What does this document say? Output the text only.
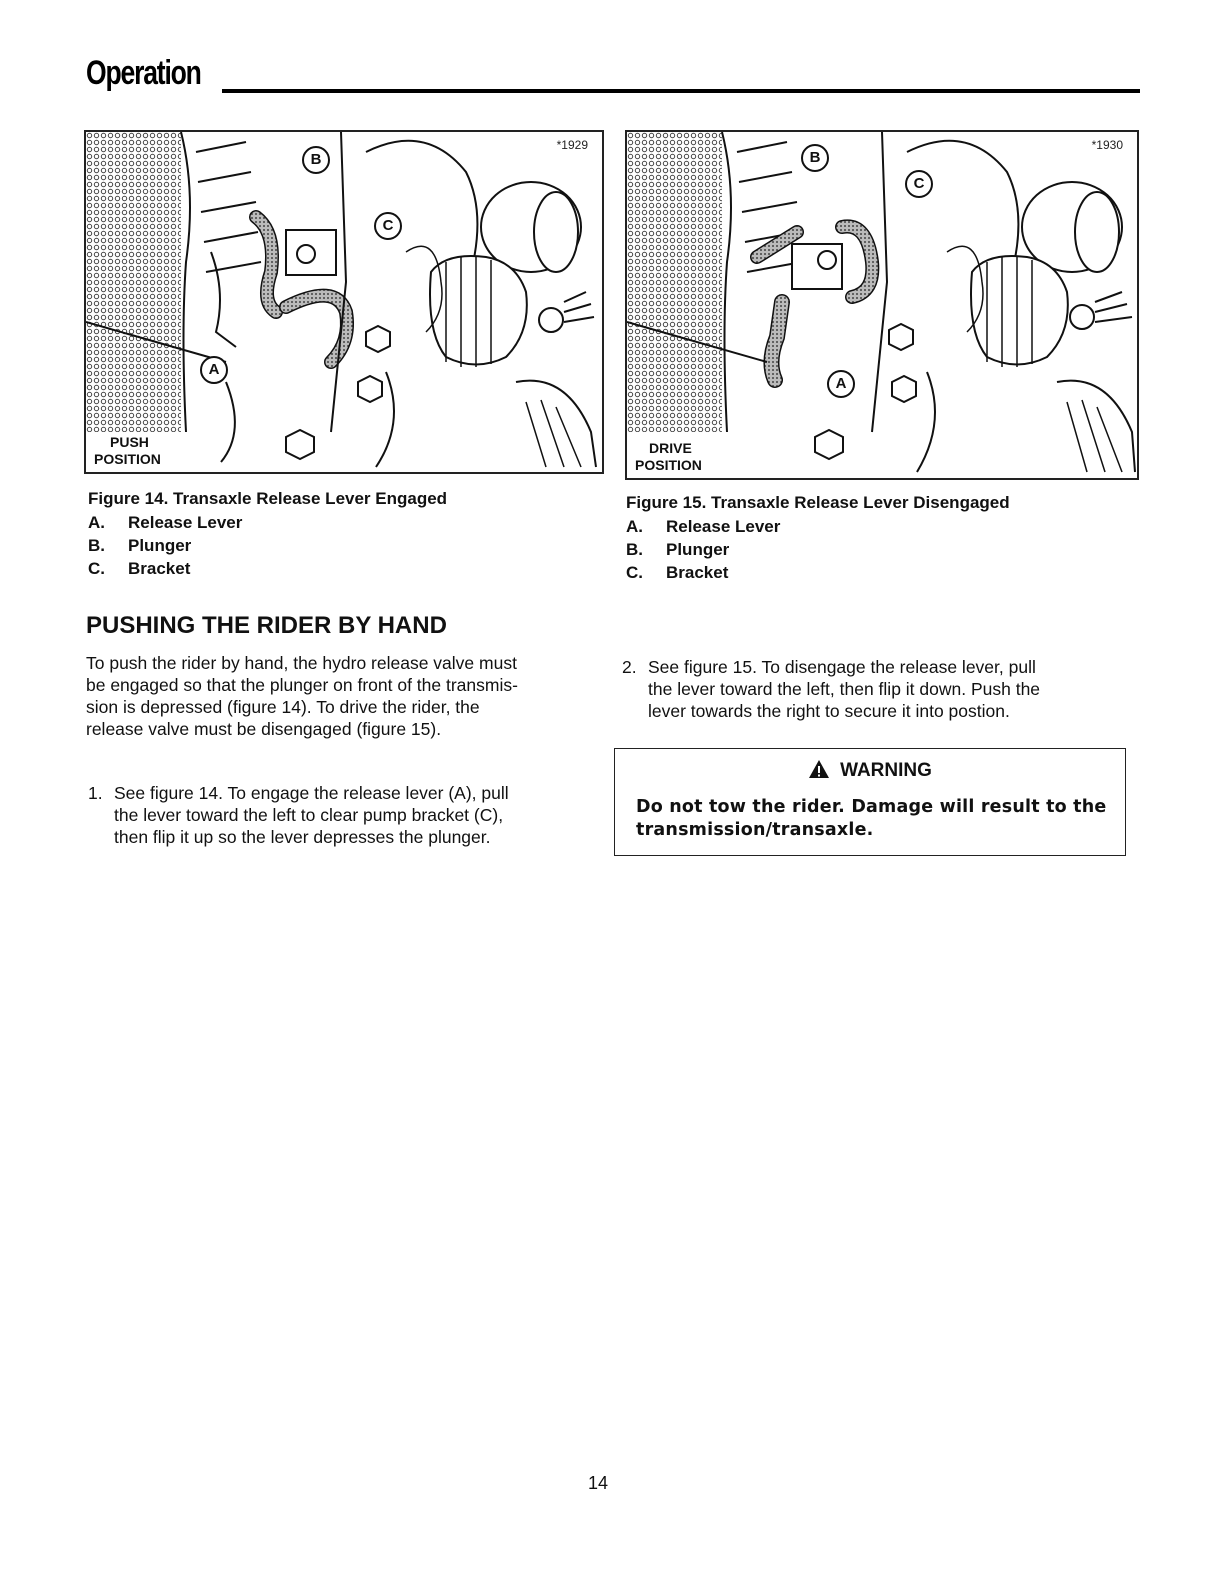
Operation
B
C
A
*1929
PUSH
POSITION
B
C
A
*1930
DRIVE
POSITION
Figure 14. Transaxle Release Lever Engaged
A.	Release Lever
B.	Plunger
C.	Bracket
Figure 15. Transaxle Release Lever Disengaged
A.	Release Lever
B.	Plunger
C.	Bracket
PUSHING THE RIDER BY HAND
To push the rider by hand, the hydro release valve must
be engaged so that the plunger on front of the transmis-
sion is depressed (figure 14). To drive the rider, the
release valve must be disengaged (figure 15).
1. See figure 14. To engage the release lever (A), pull
the lever toward the left to clear pump bracket (C),
then flip it up so the lever depresses the plunger.
2. See figure 15. To disengage the release lever, pull
the lever toward the left, then flip it down. Push the
lever towards the right to secure it into postion.
WARNING
Do not tow the rider. Damage will result to the
transmission/transaxle.
14
